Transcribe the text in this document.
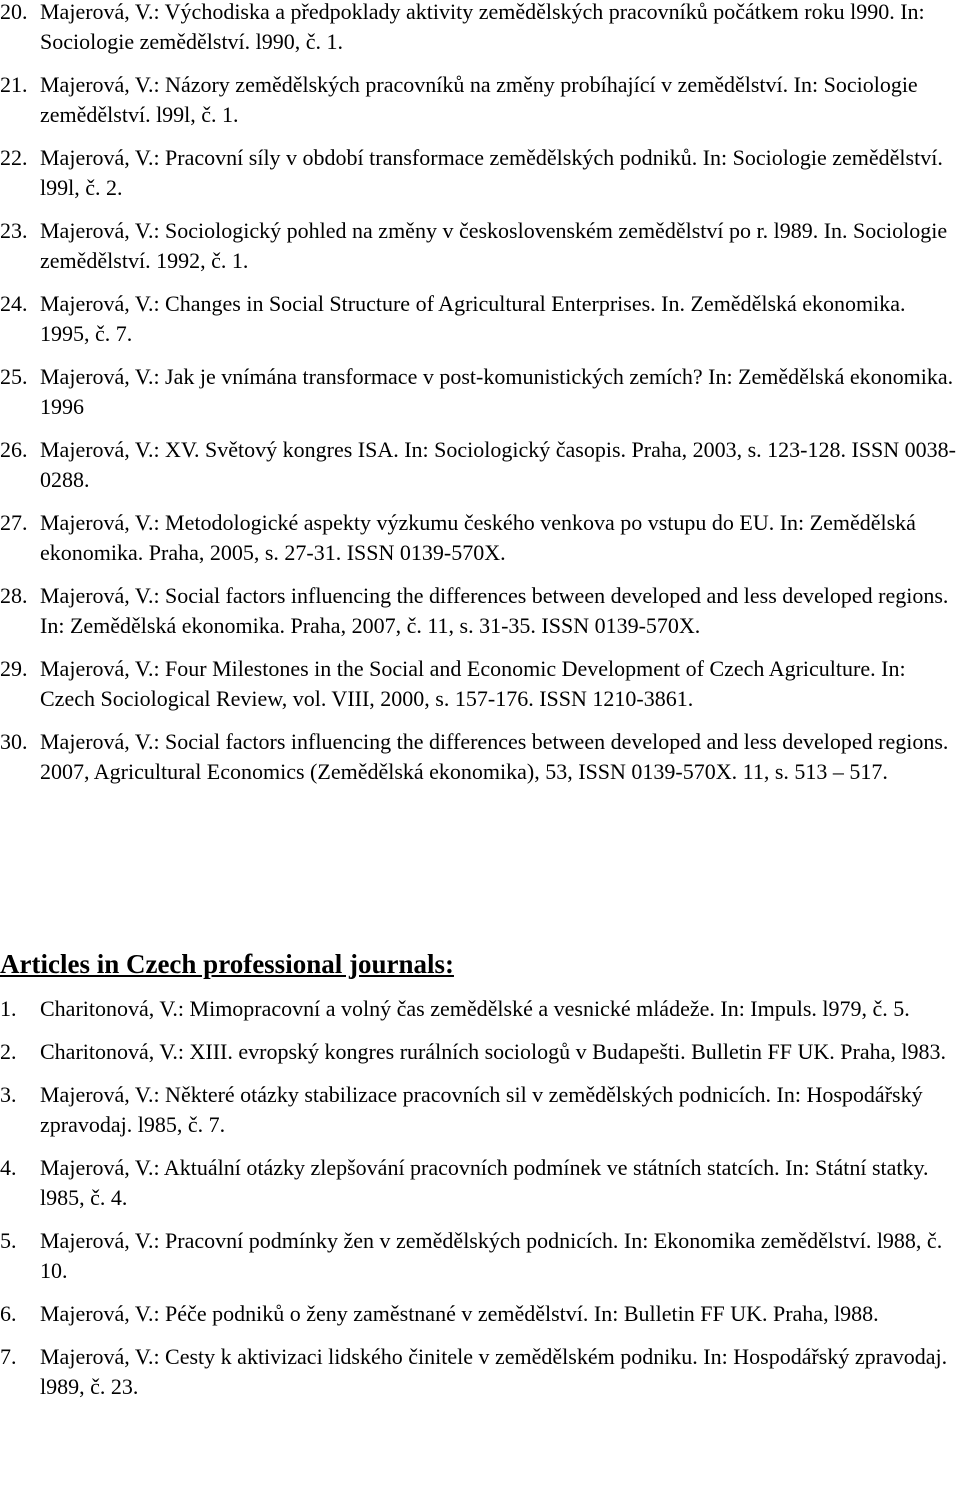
20. Majerová, V.: Východiska a předpoklady aktivity zemědělských pracovníků počátkem roku l990. In: Sociologie zemědělství. l990, č. 1.
21. Majerová, V.: Názory zemědělských pracovníků na změny probíhající v zemědělství. In: Sociologie zemědělství. l99l, č. 1.
22. Majerová, V.: Pracovní síly v období transformace zemědělských podniků. In: Sociologie zemědělství. l99l, č. 2.
23. Majerová, V.: Sociologický pohled na změny v československém zemědělství po r. l989. In. Sociologie zemědělství. 1992, č. 1.
24. Majerová, V.: Changes in Social Structure of Agricultural Enterprises. In. Zemědělská ekonomika. 1995, č. 7.
25. Majerová, V.: Jak je vnímána transformace v post-komunistických zemích? In: Zemědělská ekonomika. 1996
26. Majerová, V.: XV. Světový kongres ISA. In: Sociologický časopis. Praha, 2003, s. 123-128. ISSN 0038-0288.
27. Majerová, V.: Metodologické aspekty výzkumu českého venkova po vstupu do EU. In: Zemědělská ekonomika. Praha, 2005, s. 27-31. ISSN 0139-570X.
28. Majerová, V.: Social factors influencing the differences between developed and less developed regions. In: Zemědělská ekonomika. Praha, 2007, č. 11, s. 31-35. ISSN 0139-570X.
29. Majerová, V.: Four Milestones in the Social and Economic Development of Czech Agriculture. In: Czech Sociological Review, vol. VIII, 2000, s. 157-176. ISSN 1210-3861.
30. Majerová, V.: Social factors influencing the differences between developed and less developed regions. 2007, Agricultural Economics (Zemědělská ekonomika), 53, ISSN 0139-570X. 11, s. 513 – 517.
Articles in Czech professional journals:
1.	Charitonová, V.: Mimopracovní a volný čas zemědělské a vesnické mládeže. In: Impuls. l979, č. 5.
2.	Charitonová, V.: XIII. evropský kongres rurálních sociologů v Budapešti. Bulletin FF UK. Praha, l983.
3.	Majerová, V.: Některé otázky stabilizace pracovních sil v zemědělských podnicích. In: Hospodářský zpravodaj. l985, č. 7.
4.	Majerová, V.: Aktuální otázky zlepšování pracovních podmínek ve státních statcích. In: Státní statky. l985, č. 4.
5.	Majerová, V.: Pracovní podmínky žen v zemědělských podnicích. In: Ekonomika zemědělství. l988, č. 10.
6.	Majerová, V.: Péče podniků o ženy zaměstnané v zemědělství. In: Bulletin FF UK. Praha, l988.
7.	Majerová, V.: Cesty k aktivizaci lidského činitele v zemědělském podniku. In: Hospodářský zpravodaj. l989, č. 23.
